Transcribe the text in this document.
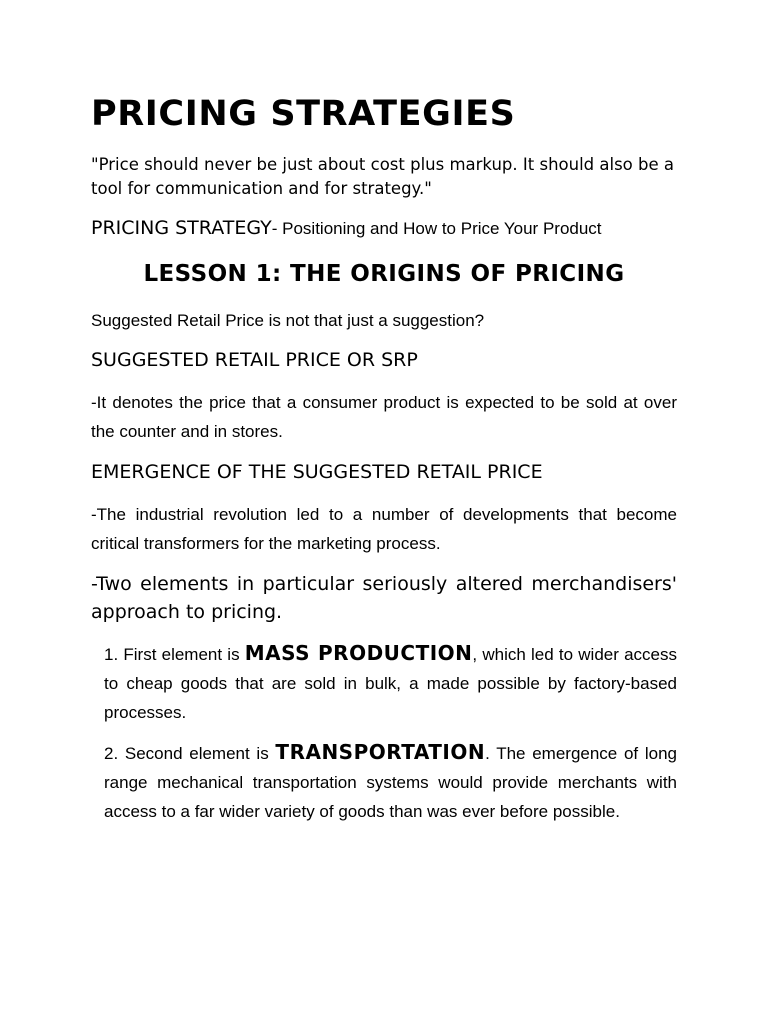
PRICING STRATEGIES

"Price should never be just about cost plus markup. It should also be a tool for communication and for strategy."

PRICING STRATEGY- Positioning and How to Price Your Product

LESSON 1: THE ORIGINS OF PRICING

Suggested Retail Price is not that just a suggestion?

SUGGESTED RETAIL PRICE OR SRP

-It denotes the price that a consumer product is expected to be sold at over the counter and in stores.

EMERGENCE OF THE SUGGESTED RETAIL PRICE

-The industrial revolution led to a number of developments that become critical transformers for the marketing process.

-Two elements in particular seriously altered merchandisers' approach to pricing.

1. First element is MASS PRODUCTION, which led to wider access to cheap goods that are sold in bulk, a made possible by factory-based processes.

2. Second element is TRANSPORTATION. The emergence of long range mechanical transportation systems would provide merchants with access to a far wider variety of goods than was ever before possible.
